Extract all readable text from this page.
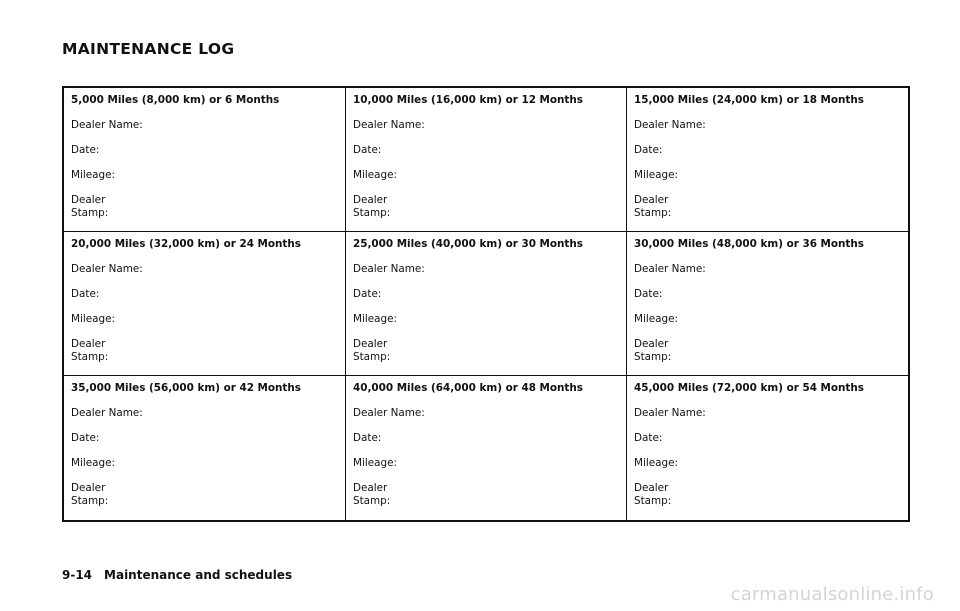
MAINTENANCE LOG
5,000 Miles (8,000 km) or 6 Months
Dealer Name:
Date:
Mileage:
Dealer
Stamp:
10,000 Miles (16,000 km) or 12 Months
Dealer Name:
Date:
Mileage:
Dealer
Stamp:
15,000 Miles (24,000 km) or 18 Months
Dealer Name:
Date:
Mileage:
Dealer
Stamp:
20,000 Miles (32,000 km) or 24 Months
Dealer Name:
Date:
Mileage:
Dealer
Stamp:
25,000 Miles (40,000 km) or 30 Months
Dealer Name:
Date:
Mileage:
Dealer
Stamp:
30,000 Miles (48,000 km) or 36 Months
Dealer Name:
Date:
Mileage:
Dealer
Stamp:
35,000 Miles (56,000 km) or 42 Months
Dealer Name:
Date:
Mileage:
Dealer
Stamp:
40,000 Miles (64,000 km) or 48 Months
Dealer Name:
Date:
Mileage:
Dealer
Stamp:
45,000 Miles (72,000 km) or 54 Months
Dealer Name:
Date:
Mileage:
Dealer
Stamp:
9-14 Maintenance and schedules
carmanualsonline.info
